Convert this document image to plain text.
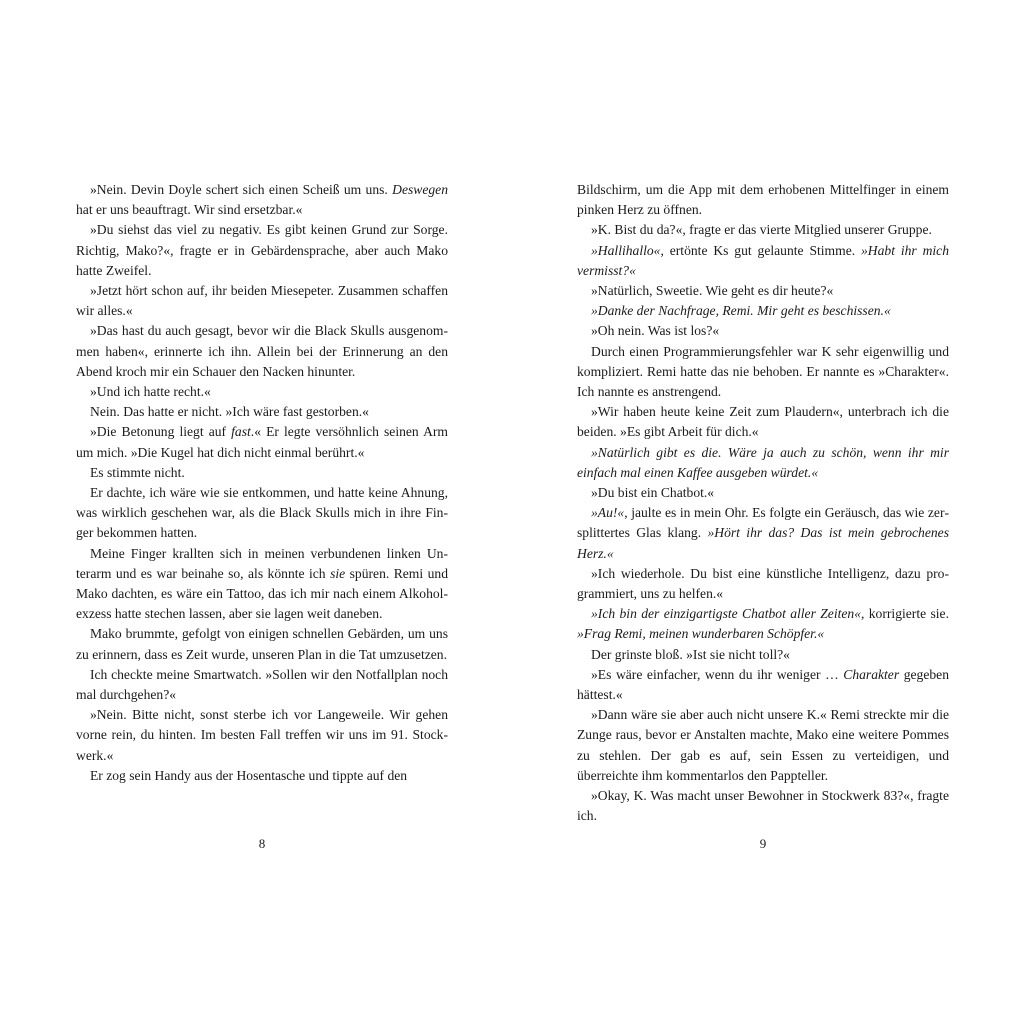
»Nein. Devin Doyle schert sich einen Scheiß um uns. Deswegen hat er uns beauftragt. Wir sind ersetzbar.«

»Du siehst das viel zu negativ. Es gibt keinen Grund zur Sorge. Richtig, Mako?«, fragte er in Gebärdensprache, aber auch Mako hatte Zweifel.

»Jetzt hört schon auf, ihr beiden Miesepeter. Zusammen schaffen wir alles.«

»Das hast du auch gesagt, bevor wir die Black Skulls ausgenommen haben«, erinnerte ich ihn. Allein bei der Erinnerung an den Abend kroch mir ein Schauer den Nacken hinunter.

»Und ich hatte recht.«

Nein. Das hatte er nicht. »Ich wäre fast gestorben.«

»Die Betonung liegt auf fast.« Er legte versöhnlich seinen Arm um mich. »Die Kugel hat dich nicht einmal berührt.«

Es stimmte nicht.

Er dachte, ich wäre wie sie entkommen, und hatte keine Ahnung, was wirklich geschehen war, als die Black Skulls mich in ihre Finger bekommen hatten.

Meine Finger krallten sich in meinen verbundenen linken Unterarm und es war beinahe so, als könnte ich sie spüren. Remi und Mako dachten, es wäre ein Tattoo, das ich mir nach einem Alkoholexzess hatte stechen lassen, aber sie lagen weit daneben.

Mako brummte, gefolgt von einigen schnellen Gebärden, um uns zu erinnern, dass es Zeit wurde, unseren Plan in die Tat umzusetzen.

Ich checkte meine Smartwatch. »Sollen wir den Notfallplan noch mal durchgehen?«

»Nein. Bitte nicht, sonst sterbe ich vor Langeweile. Wir gehen vorne rein, du hinten. Im besten Fall treffen wir uns im 91. Stockwerk.«

Er zog sein Handy aus der Hosentasche und tippte auf den

8

Bildschirm, um die App mit dem erhobenen Mittelfinger in einem pinken Herz zu öffnen.

»K. Bist du da?«, fragte er das vierte Mitglied unserer Gruppe.

»Hallihallo«, ertönte Ks gut gelaunte Stimme. »Habt ihr mich vermisst?«

»Natürlich, Sweetie. Wie geht es dir heute?«

»Danke der Nachfrage, Remi. Mir geht es beschissen.«

»Oh nein. Was ist los?«

Durch einen Programmierungsfehler war K sehr eigenwillig und kompliziert. Remi hatte das nie behoben. Er nannte es »Charakter«. Ich nannte es anstrengend.

»Wir haben heute keine Zeit zum Plaudern«, unterbrach ich die beiden. »Es gibt Arbeit für dich.«

»Natürlich gibt es die. Wäre ja auch zu schön, wenn ihr mir einfach mal einen Kaffee ausgeben würdet.«

»Du bist ein Chatbot.«

»Au!«, jaulte es in mein Ohr. Es folgte ein Geräusch, das wie zersplittertes Glas klang. »Hört ihr das? Das ist mein gebrochenes Herz.«

»Ich wiederhole. Du bist eine künstliche Intelligenz, dazu programmiert, uns zu helfen.«

»Ich bin der einzigartigste Chatbot aller Zeiten«, korrigierte sie. »Frag Remi, meinen wunderbaren Schöpfer.«

Der grinste bloß. »Ist sie nicht toll?«

»Es wäre einfacher, wenn du ihr weniger … Charakter gegeben hättest.«

»Dann wäre sie aber auch nicht unsere K.« Remi streckte mir die Zunge raus, bevor er Anstalten machte, Mako eine weitere Pommes zu stehlen. Der gab es auf, sein Essen zu verteidigen, und überreichte ihm kommentarlos den Pappteller.

»Okay, K. Was macht unser Bewohner in Stockwerk 83?«, fragte ich.

9
